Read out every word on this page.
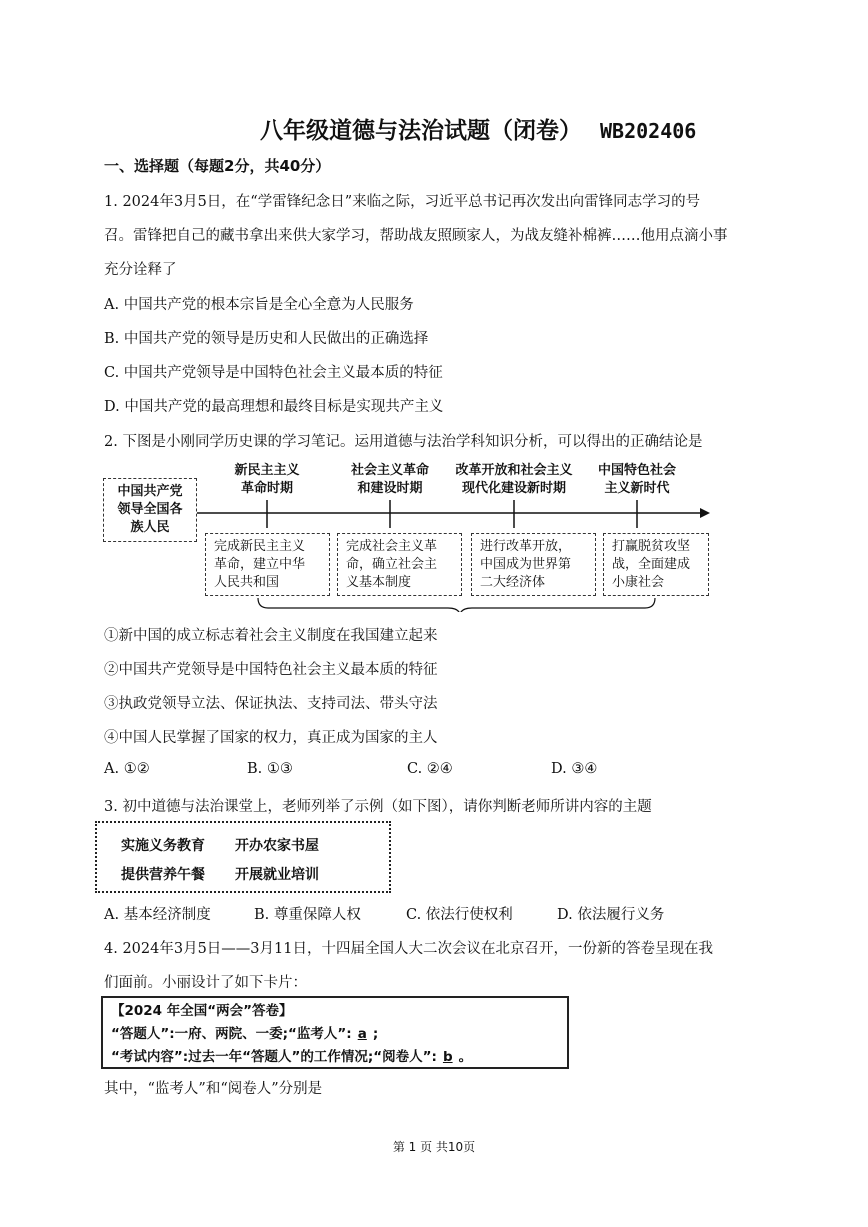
八年级道德与法治试题（闭卷） WB202406
一、选择题（每题2分，共40分）
1. 2024年3月5日，在“学雷锋纪念日”来临之际，习近平总书记再次发出向雷锋同志学习的号
召。雷锋把自己的藏书拿出来供大家学习，帮助战友照顾家人，为战友缝补棉裤……他用点滴小事
充分诠释了
A. 中国共产党的根本宗旨是全心全意为人民服务
B. 中国共产党的领导是历史和人民做出的正确选择
C. 中国共产党领导是中国特色社会主义最本质的特征
D. 中国共产党的最高理想和最终目标是实现共产主义
2. 下图是小刚同学历史课的学习笔记。运用道德与法治学科知识分析，可以得出的正确结论是
中国共产党
领导全国各
族人民
新民主主义
革命时期
社会主义革命
和建设时期
改革开放和社会主义
现代化建设新时期
中国特色社会
主义新时代
完成新民主主义
革命，建立中华
人民共和国
完成社会主义革
命，确立社会主
义基本制度
进行改革开放，
中国成为世界第
二大经济体
打赢脱贫攻坚
战，全面建成
小康社会
①新中国的成立标志着社会主义制度在我国建立起来
②中国共产党领导是中国特色社会主义最本质的特征
③执政党领导立法、保证执法、支持司法、带头守法
④中国人民掌握了国家的权力，真正成为国家的主人
A. ①②	B. ①③	C. ②④	D. ③④
3. 初中道德与法治课堂上，老师列举了示例（如下图），请你判断老师所讲内容的主题
实施义务教育 开办农家书屋
提供营养午餐 开展就业培训
A. 基本经济制度	B. 尊重保障人权	C. 依法行使权利	D. 依法履行义务
4. 2024年3月5日——3月11日，十四届全国人大二次会议在北京召开，一份新的答卷呈现在我
们面前。小丽设计了如下卡片：
【2024 年全国“两会”答卷】
“答题人”:一府、两院、一委;“监考人”: a ;
“考试内容”:过去一年“答题人”的工作情况;“阅卷人”: b 。
其中，“监考人”和“阅卷人”分别是
第 1 页 共10页
